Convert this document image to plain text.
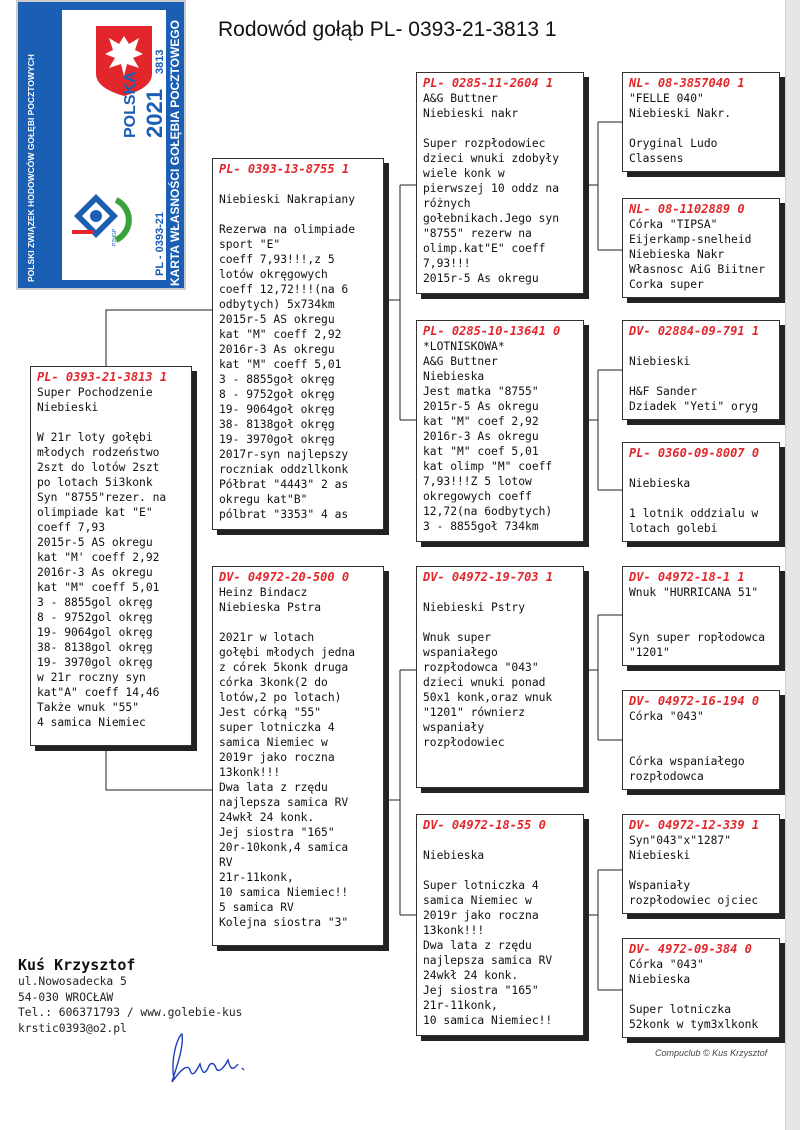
Rodowód gołąb PL- 0393-21-3813 1
POLSKI ZWIĄZEK HODOWCÓW GOŁĘBI POCZTOWYCH	KARTA WŁASNOŚCI GOŁĘBIA POCZTOWEGO
POLSKA 2021
3813
PL - 0393-21
PZHGP
PL- 0393-21-3813 1
Super Pochodzenie
Niebieski
W 21r loty gołębi
młodych rodzeństwo
2szt do lotów 2szt
po lotach 5i3konk
Syn "8755"rezer. na
olimpiade kat "E"
coeff 7,93
2015r-5 AS okregu
kat "M' coeff 2,92
2016r-3 As okregu
kat "M" coeff 5,01
3 - 8855gol okręg
8 - 9752gol okręg
19- 9064gol okręg
38- 8138gol okręg
19- 3970gol okręg
w 21r roczny syn
kat"A" coeff 14,46
Także wnuk "55"
4 samica Niemiec
PL- 0393-13-8755 1
Niebieski Nakrapiany
Rezerwa na olimpiade
sport "E"
coeff 7,93!!!,z 5
lotów okręgowych
coeff 12,72!!!(na 6
odbytych) 5x734km
2015r-5 AS okregu
kat "M" coeff 2,92
2016r-3 As okregu
kat "M" coeff 5,01
3 - 8855goł okręg
8 - 9752goł okręg
19- 9064goł okręg
38- 8138goł okręg
19- 3970goł okręg
2017r-syn najlepszy
roczniak oddzllkonk
Półbrat "4443" 2 as
okregu kat"B"
pólbrat "3353" 4 as
DV- 04972-20-500 0
Heinz Bindacz
Niebieska Pstra
2021r w lotach
gołębi młodych jedna
z córek 5konk druga
córka 3konk(2 do
lotów,2 po lotach)
Jest córką "55"
super lotniczka 4
samica Niemiec w
2019r jako roczna
13konk!!!
Dwa lata z rzędu
najlepsza samica RV
24wkł 24 konk.
Jej siostra "165"
20r-10konk,4 samica
RV
21r-11konk,
10 samica Niemiec!!
5 samica RV
Kolejna siostra "3"
PL- 0285-11-2604 1
A&G Buttner
Niebieski nakr
Super rozpłodowiec
dzieci wnuki zdobyły
wiele konk w
pierwszej 10 oddz na
różnych
gołebnikach.Jego syn
"8755" rezerw na
olimp.kat"E" coeff
7,93!!!
2015r-5 As okregu
PL- 0285-10-13641 0
*LOTNISKOWA*
A&G Buttner
Niebieska
Jest matka "8755"
2015r-5 As okregu
kat "M" coef 2,92
2016r-3 As okregu
kat "M" coef 5,01
kat olimp "M" coeff
7,93!!!Z 5 lotow
okregowych coeff
12,72(na 6odbytych)
3 - 8855goł 734km
DV- 04972-19-703 1
Niebieski Pstry
Wnuk super
wspaniałego
rozpłodowca "043"
dzieci wnuki ponad
50x1 konk,oraz wnuk
"1201" równierz
wspaniały
rozpłodowiec
DV- 04972-18-55 0
Niebieska
Super lotniczka 4
samica Niemiec w
2019r jako roczna
13konk!!!
Dwa lata z rzędu
najlepsza samica RV
24wkł 24 konk.
Jej siostra "165"
21r-11konk,
10 samica Niemiec!!
NL- 08-3857040 1
"FELLE 040"
Niebieski Nakr.
Oryginal Ludo
Classens
NL- 08-1102889 0
Córka "TIPSA"
Eijerkamp-snelheid
Niebieska Nakr
Własnosc AiG Biitner
Corka super
DV- 02884-09-791 1
Niebieski
H&F Sander
Dziadek "Yeti" oryg
PL- 0360-09-8007 0
Niebieska
1 lotnik oddzialu w
lotach golebi
DV- 04972-18-1 1
Wnuk "HURRICANA 51"
Syn super ropłodowca
"1201"
DV- 04972-16-194 0
Córka "043"
Córka wspaniałego
rozpłodowca
DV- 04972-12-339 1
Syn"043"x"1287"
Niebieski
Wspaniały
rozpłodowiec ojciec
DV- 4972-09-384 0
Córka "043"
Niebieska
Super lotniczka
52konk w tym3xlkonk
Kuś Krzysztof
ul.Nowosadecka 5
54-030 WROCŁAW
Tel.: 606371793 / www.golebie-kus
krstic0393@o2.pl
Compuclub © Kus Krzysztof
